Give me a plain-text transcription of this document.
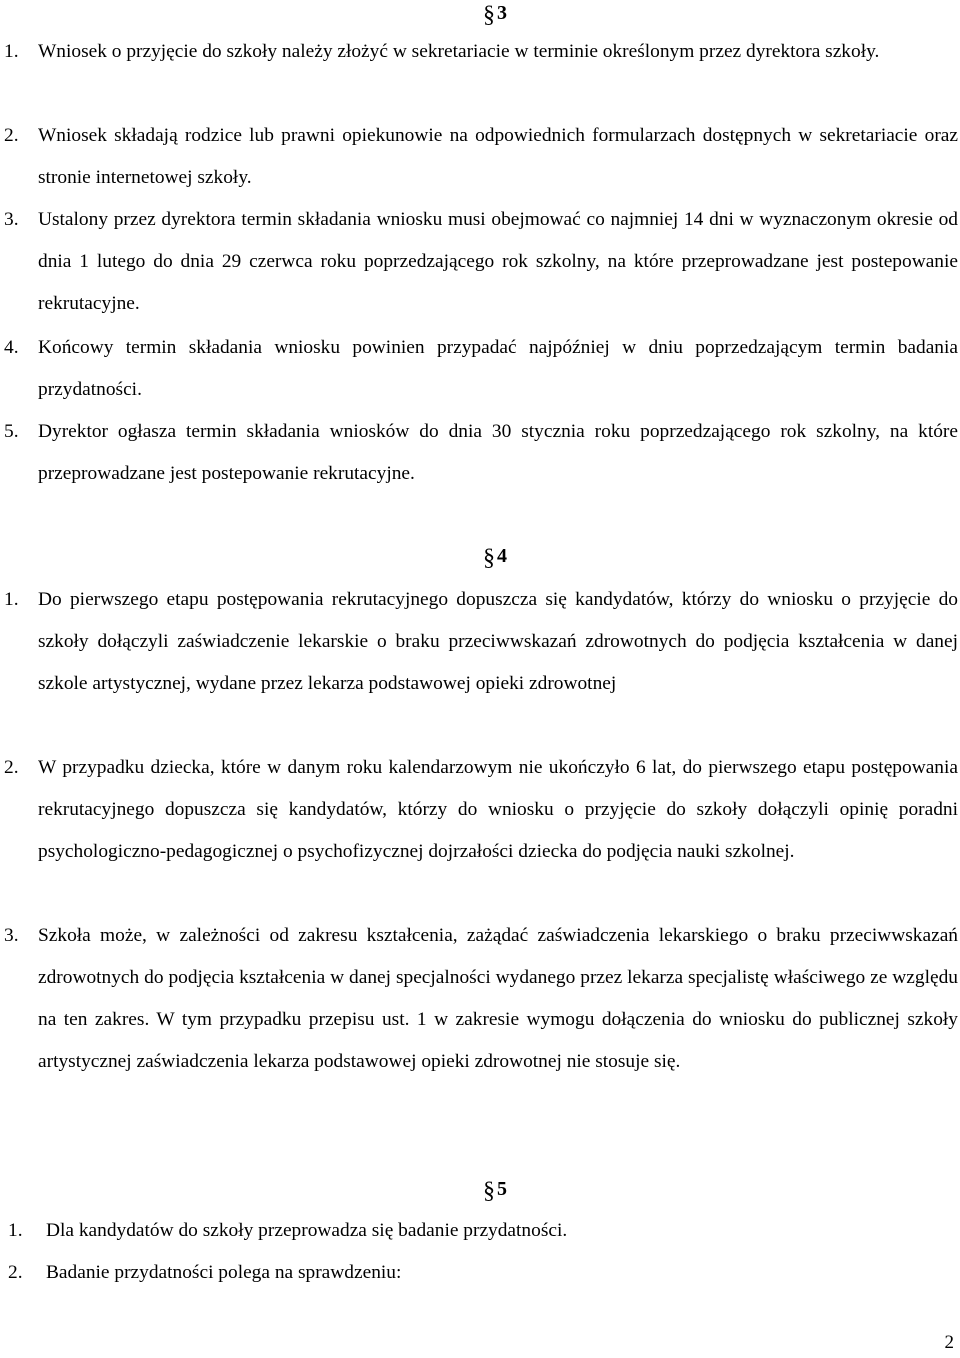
§ 3
1. Wniosek o przyjęcie do szkoły należy złożyć w sekretariacie w terminie określonym przez dyrektora szkoły.
2. Wniosek składają rodzice lub prawni opiekunowie na odpowiednich formularzach dostępnych w sekretariacie oraz stronie internetowej szkoły.
3. Ustalony przez dyrektora termin składania wniosku musi obejmować co najmniej 14 dni w wyznaczonym okresie od dnia 1 lutego do dnia 29 czerwca roku poprzedzającego rok szkolny, na które przeprowadzane jest postepowanie rekrutacyjne.
4. Końcowy termin składania wniosku powinien przypadać najpóźniej w dniu poprzedzającym termin badania przydatności.
5. Dyrektor ogłasza termin składania wniosków do dnia 30 stycznia roku poprzedzającego rok szkolny, na które przeprowadzane jest postepowanie rekrutacyjne.
§ 4
1. Do pierwszego etapu postępowania rekrutacyjnego dopuszcza się kandydatów, którzy do wniosku o przyjęcie do szkoły dołączyli zaświadczenie lekarskie o braku przeciwwskazań zdrowotnych do podjęcia kształcenia w danej szkole artystycznej, wydane przez lekarza podstawowej opieki zdrowotnej
2. W przypadku dziecka, które w danym roku kalendarzowym nie ukończyło 6 lat, do pierwszego etapu postępowania rekrutacyjnego dopuszcza się kandydatów, którzy do wniosku o przyjęcie do szkoły dołączyli opinię poradni psychologiczno-pedagogicznej o psychofizycznej dojrzałości dziecka do podjęcia nauki szkolnej.
3. Szkoła może, w zależności od zakresu kształcenia, zażądać zaświadczenia lekarskiego o braku przeciwwskazań zdrowotnych do podjęcia kształcenia w danej specjalności wydanego przez lekarza specjalistę właściwego ze względu na ten zakres. W tym przypadku przepisu ust. 1 w zakresie wymogu dołączenia do wniosku do publicznej szkoły artystycznej zaświadczenia lekarza podstawowej opieki zdrowotnej nie stosuje się.
§ 5
1. Dla kandydatów do szkoły przeprowadza się badanie przydatności.
2. Badanie przydatności polega na sprawdzeniu:
2
